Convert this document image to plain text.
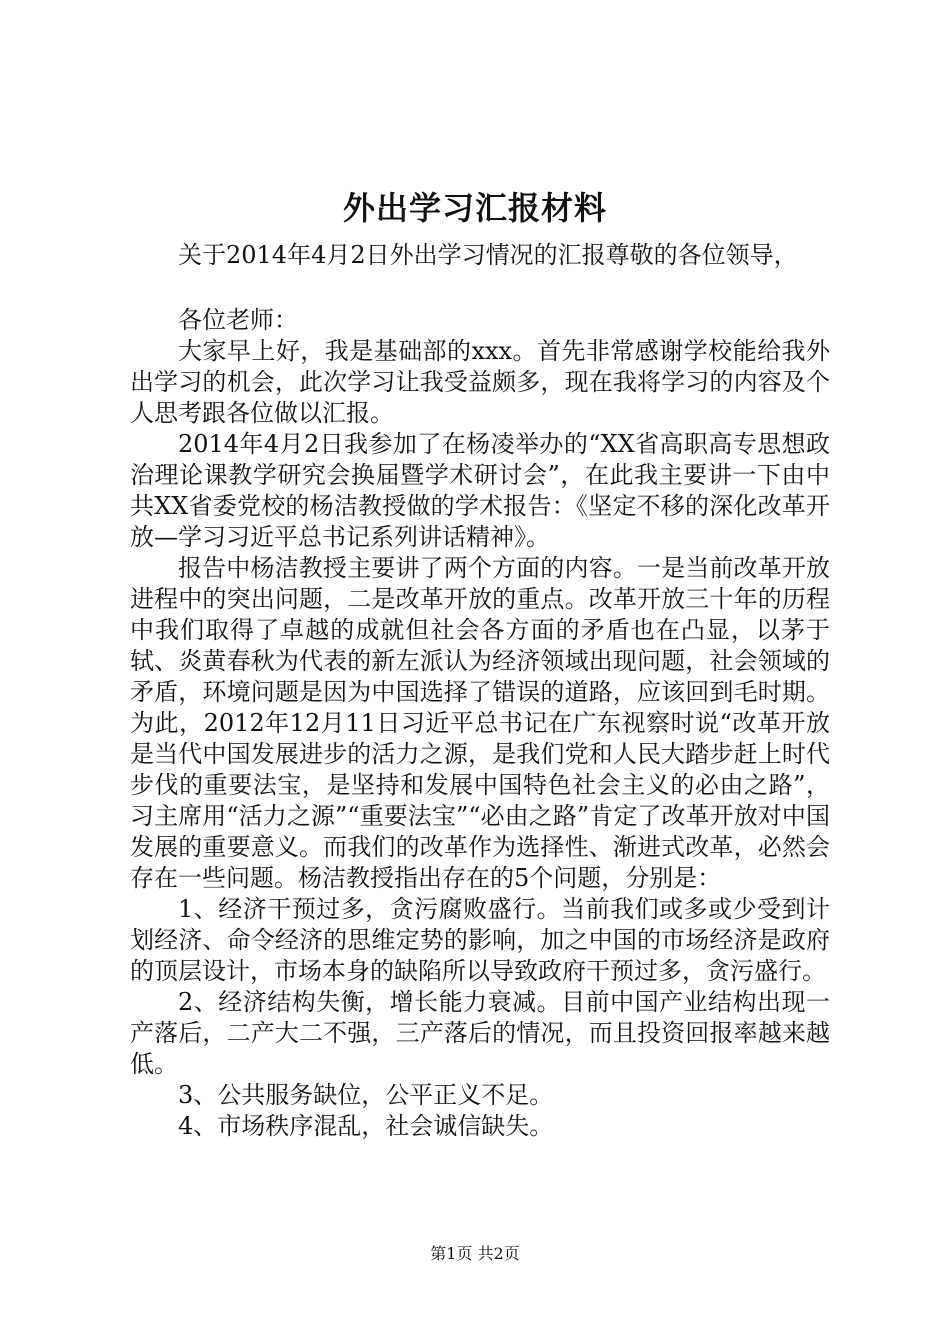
外出学习汇报材料

关于2014年4月2日外出学习情况的汇报尊敬的各位领导，

各位老师：

大家早上好，我是基础部的xxx。首先非常感谢学校能给我外出学习的机会，此次学习让我受益颇多，现在我将学习的内容及个人思考跟各位做以汇报。

2014年4月2日我参加了在杨凌举办的“XX省高职高专思想政治理论课教学研究会换届暨学术研讨会”，在此我主要讲一下由中共XX省委党校的杨洁教授做的学术报告：《坚定不移的深化改革开放—学习习近平总书记系列讲话精神》。

报告中杨洁教授主要讲了两个方面的内容。一是当前改革开放进程中的突出问题，二是改革开放的重点。改革开放三十年的历程中我们取得了卓越的成就但社会各方面的矛盾也在凸显，以茅于轼、炎黄春秋为代表的新左派认为经济领域出现问题，社会领域的矛盾，环境问题是因为中国选择了错误的道路，应该回到毛时期。为此，2012年12月11日习近平总书记在广东视察时说“改革开放是当代中国发展进步的活力之源，是我们党和人民大踏步赶上时代步伐的重要法宝，是坚持和发展中国特色社会主义的必由之路”，习主席用“活力之源”“重要法宝”“必由之路”肯定了改革开放对中国发展的重要意义。而我们的改革作为选择性、渐进式改革，必然会存在一些问题。杨洁教授指出存在的5个问题，分别是：

1、经济干预过多，贪污腐败盛行。当前我们或多或少受到计划经济、命令经济的思维定势的影响，加之中国的市场经济是政府的顶层设计，市场本身的缺陷所以导致政府干预过多，贪污盛行。

2、经济结构失衡，增长能力衰减。目前中国产业结构出现一产落后，二产大二不强，三产落后的情况，而且投资回报率越来越低。

3、公共服务缺位，公平正义不足。

4、市场秩序混乱，社会诚信缺失。

第1页 共2页
